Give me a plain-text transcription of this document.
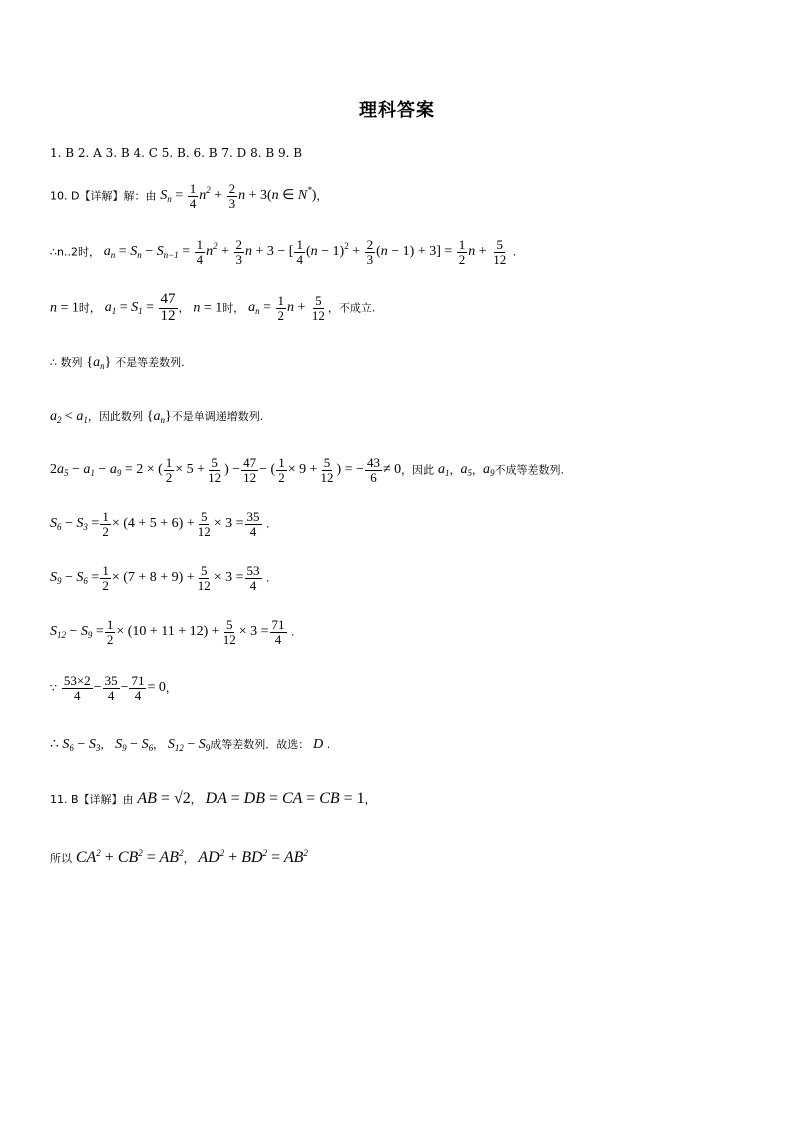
理科答案
1. B 2. A 3. B 4. C 5. B. 6. B 7. D 8. B 9. B
10. D【详解】解：由 $S_n = \frac{1}{4} n^2 + \frac{2}{3}$ n + 3(n ∈ N*)，
∴n..2时， $a_n = S_n - S_{n-1} = \frac{1}{4} n^2 + \frac{2}{3}$ n + 3 − [ $\frac{1}{4} (n - 1)^2 + \frac{2}{3} (n - 1) + 3] = \frac{1}{2}$ $n + \frac{5}{12}$ .
n = 1时， $a_1 = S_1 = \frac{47}{12}$ ， n = 1时， $a_n = \frac{1}{2}$ $n + \frac{5}{12}$ ，不成立.
∴ 数列 $\{a_n\}$ 不是等差数列.
$a_2 < a_1$，因此数列 $\{a_n\}$不是单调递增数列.
$2a_5 - a_1 - a_9 = 2$ × ( $\frac{1}{2} \times 5 + \frac{5}{12}$ ) − $\frac{47}{12}$ − ( $\frac{1}{2} \times 9 + \frac{5}{12}$ ) = − $\frac{43}{6} \ne 0$，因此 $a_1$，$a_5$，$a_9$不成等差数列.
$S_6 - S_3 = \frac{1}{2} \times (4 + 5 + 6) + \frac{5}{12} \times 3 = \frac{35}{4}$ .
$S_9 - S_6 = \frac{1}{2} \times (7 + 8 + 9) + \frac{5}{12} \times 3 = \frac{53}{4}$ .
$S_{12} - S_9 = \frac{1}{2} \times (10 + 11 + 12) + \frac{5}{12} \times 3 = \frac{71}{4}$ .
∵ $\frac{53\times 2}{4} - \frac{35}{4} - \frac{71}{4} = 0$，
∴ $S_6 - S_3$， $S_9 - S_6$， $S_{12} - S_9$成等差数列．故选： D .
11. B【详解】由 AB = √2， DA = DB = CA = CB = 1，
所以 $CA^2 + CB^2 = AB^2$， $AD^2 + BD^2 = AB^2$
